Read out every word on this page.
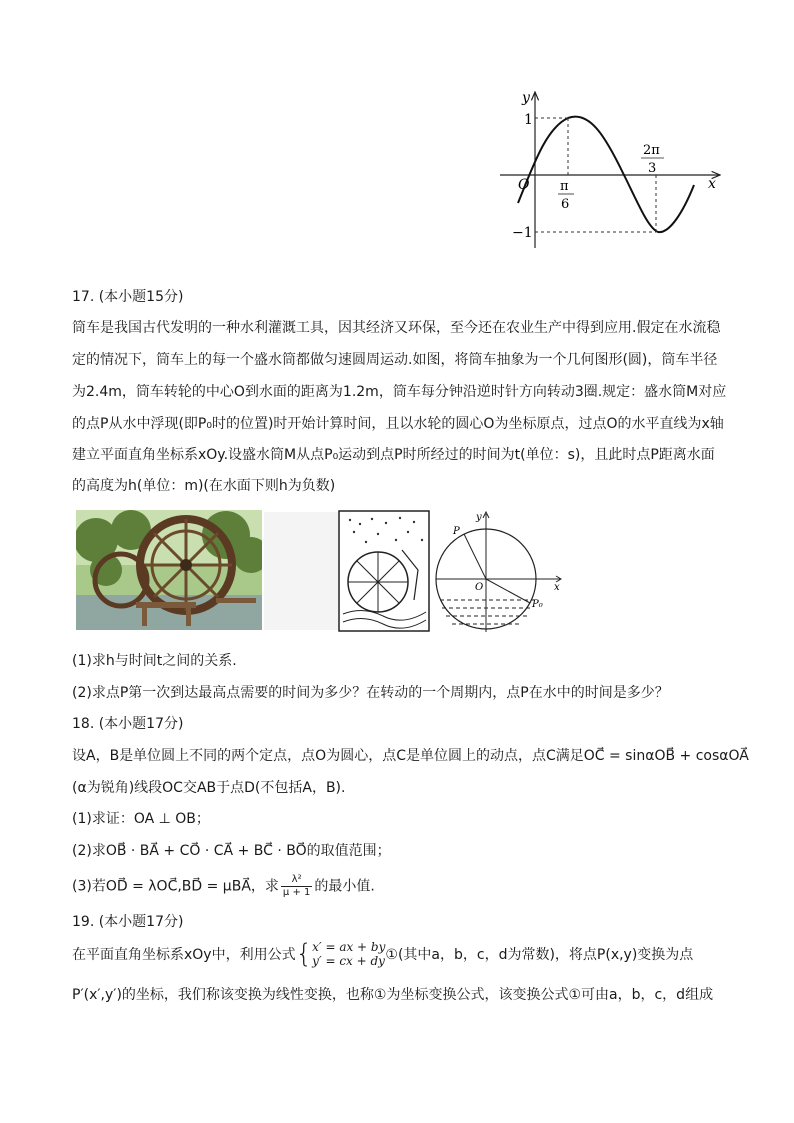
y
x
O
1
−1
π
6
2π
3
17. (本小题15分)
筒车是我国古代发明的一种水利灌溉工具，因其经济又环保，至今还在农业生产中得到应用.假定在水流稳
定的情况下，筒车上的每一个盛水筒都做匀速圆周运动.如图，将筒车抽象为一个几何图形(圆)，筒车半径
为2.4m，筒车转轮的中心O到水面的距离为1.2m，筒车每分钟沿逆时针方向转动3圈.规定：盛水筒M对应
的点P从水中浮现(即P₀时的位置)时开始计算时间，且以水轮的圆心O为坐标原点，过点O的水平直线为x轴
建立平面直角坐标系xOy.设盛水筒M从点P₀运动到点P时所经过的时间为t(单位：s)，且此时点P距离水面
的高度为h(单位：m)(在水面下则h为负数)
y
P
O	x
P₀
(1)求h与时间t之间的关系.
(2)求点P第一次到达最高点需要的时间为多少？在转动的一个周期内，点P在水中的时间是多少？
18. (本小题17分)
设A，B是单位圆上不同的两个定点，点O为圆心，点C是单位圆上的动点，点C满足OC⃗ = sinαOB⃗ + cosαOA⃗
(α为锐角)线段OC交AB于点D(不包括A，B).
(1)求证：OA ⊥ OB；
(2)求OB⃗ · BA⃗ + CO⃗ · CA⃗ + BC⃗ · BO⃗的取值范围；
(3)若OD⃗ = λOC⃗,BD⃗ = μBA⃗，求 $\frac{\text{λ²}}{\mu + 1}$ 的最小值.
19. (本小题17分)
在平面直角坐标系xOy中，利用公式{ x′ = ax + by
y′ = cx + dy ①(其中a，b，c，d为常数)，将点P(x,y)变换为点
P′(x′,y′)的坐标，我们称该变换为线性变换，也称①为坐标变换公式，该变换公式①可由a，b，c，d组成
